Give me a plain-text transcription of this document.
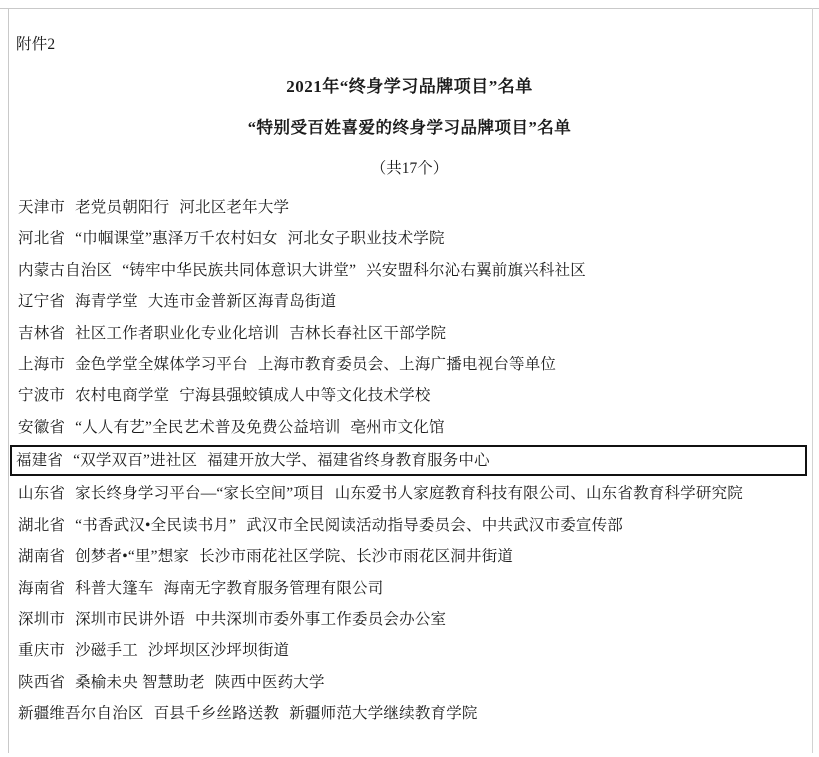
附件2
2021年“终身学习品牌项目”名单
“特别受百姓喜爱的终身学习品牌项目”名单
（共17个）
天津市 老党员朝阳行 河北区老年大学
河北省 “巾帼课堂”惠泽万千农村妇女 河北女子职业技术学院
内蒙古自治区 “铸牢中华民族共同体意识大讲堂” 兴安盟科尔沁右翼前旗兴科社区
辽宁省 海青学堂 大连市金普新区海青岛街道
吉林省 社区工作者职业化专业化培训 吉林长春社区干部学院
上海市 金色学堂全媒体学习平台 上海市教育委员会、上海广播电视台等单位
宁波市 农村电商学堂 宁海县强蛟镇成人中等文化技术学校
安徽省 “人人有艺”全民艺术普及免费公益培训 亳州市文化馆
福建省 “双学双百”进社区 福建开放大学、福建省终身教育服务中心
山东省 家长终身学习平台—“家长空间”项目 山东爱书人家庭教育科技有限公司、山东省教育科学研究院
湖北省 “书香武汉•全民读书月” 武汉市全民阅读活动指导委员会、中共武汉市委宣传部
湖南省 创梦者•“里”想家 长沙市雨花社区学院、长沙市雨花区洞井街道
海南省 科普大篷车 海南无字教育服务管理有限公司
深圳市 深圳市民讲外语 中共深圳市委外事工作委员会办公室
重庆市 沙磁手工 沙坪坝区沙坪坝街道
陕西省 桑榆未央 智慧助老 陕西中医药大学
新疆维吾尔自治区 百县千乡丝路送教 新疆师范大学继续教育学院
